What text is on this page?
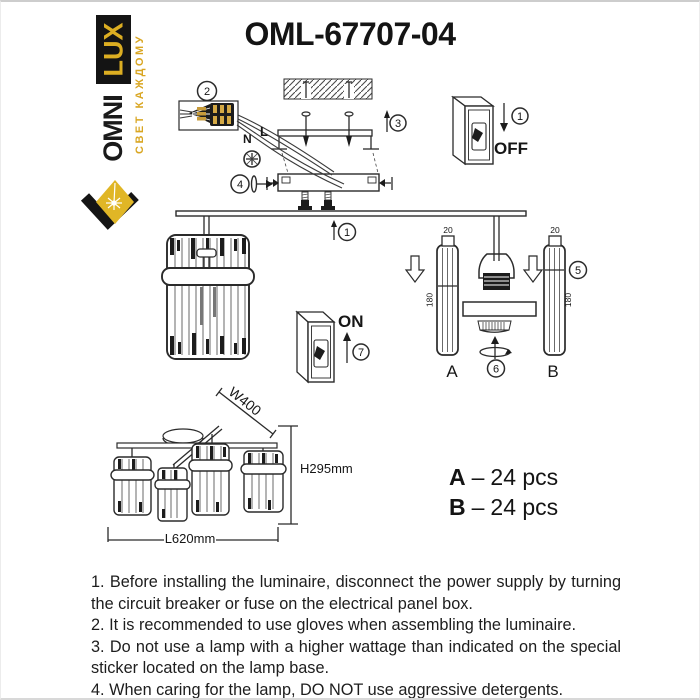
3
2
L
N
4
1
OFF
1
ON
7
20
180
A
20
180
B
5
6
W400
H295mm
L620mm
OML-67707-04
LUX
OMNI СВЕТ КАЖДОМУ
A – 24 pcs
B – 24 pcs

1. Before installing the luminaire, disconnect the power supply by turning the circuit breaker or fuse on the electrical panel box.

2. It is recommended to use gloves when assembling the luminaire.

3. Do not use a lamp with a higher wattage than indicated on the special sticker located on the lamp base.

4. When caring for the lamp, DO NOT use aggressive detergents.
